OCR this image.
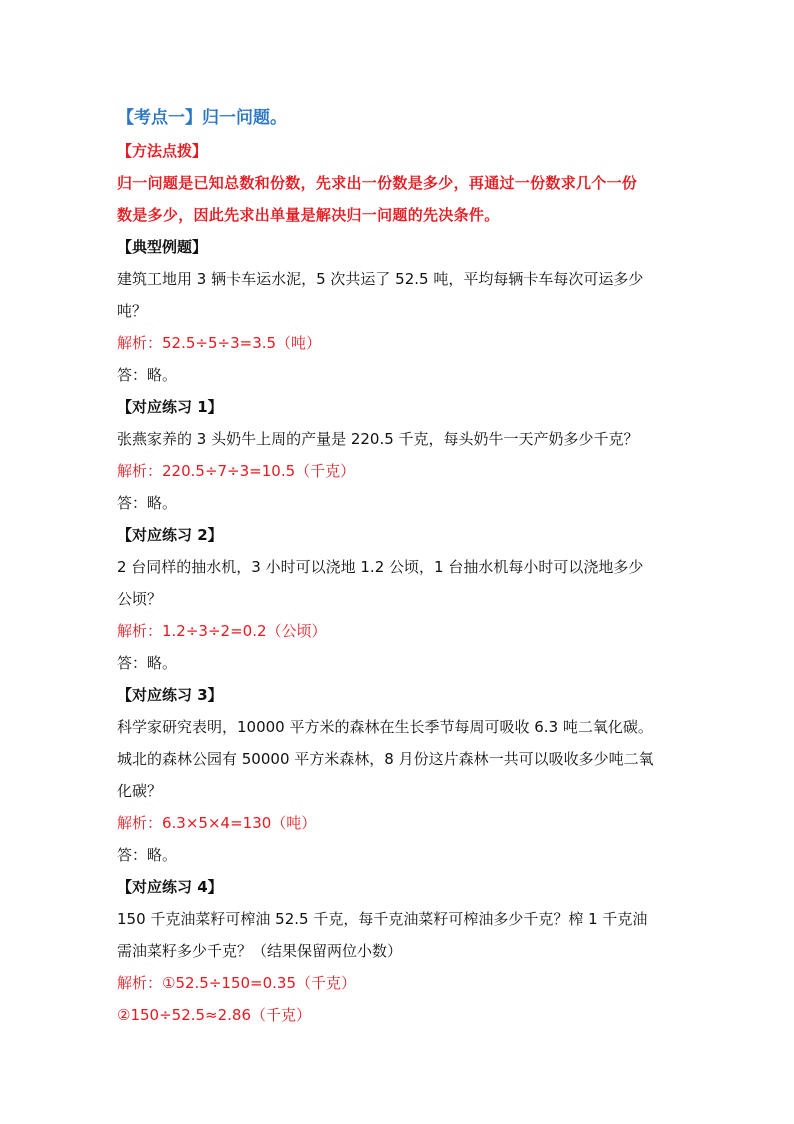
【考点一】归一问题。
【方法点拨】
归一问题是已知总数和份数，先求出一份数是多少，再通过一份数求几个一份
数是多少，因此先求出单量是解决归一问题的先决条件。
【典型例题】
建筑工地用 3 辆卡车运水泥，5 次共运了 52.5 吨，平均每辆卡车每次可运多少
吨？
解析：52.5÷5÷3=3.5（吨）
答：略。
【对应练习 1】
张燕家养的 3 头奶牛上周的产量是 220.5 千克，每头奶牛一天产奶多少千克？
解析：220.5÷7÷3=10.5（千克）
答：略。
【对应练习 2】
2 台同样的抽水机，3 小时可以浇地 1.2 公顷，1 台抽水机每小时可以浇地多少
公顷？
解析：1.2÷3÷2=0.2（公顷）
答：略。
【对应练习 3】
科学家研究表明，10000 平方米的森林在生长季节每周可吸收 6.3 吨二氧化碳。
城北的森林公园有 50000 平方米森林，8 月份这片森林一共可以吸收多少吨二氧
化碳？
解析：6.3×5×4=130（吨）
答：略。
【对应练习 4】
150 千克油菜籽可榨油 52.5 千克，每千克油菜籽可榨油多少千克？榨 1 千克油
需油菜籽多少千克？（结果保留两位小数）
解析：①52.5÷150=0.35（千克）
②150÷52.5≈2.86（千克）
